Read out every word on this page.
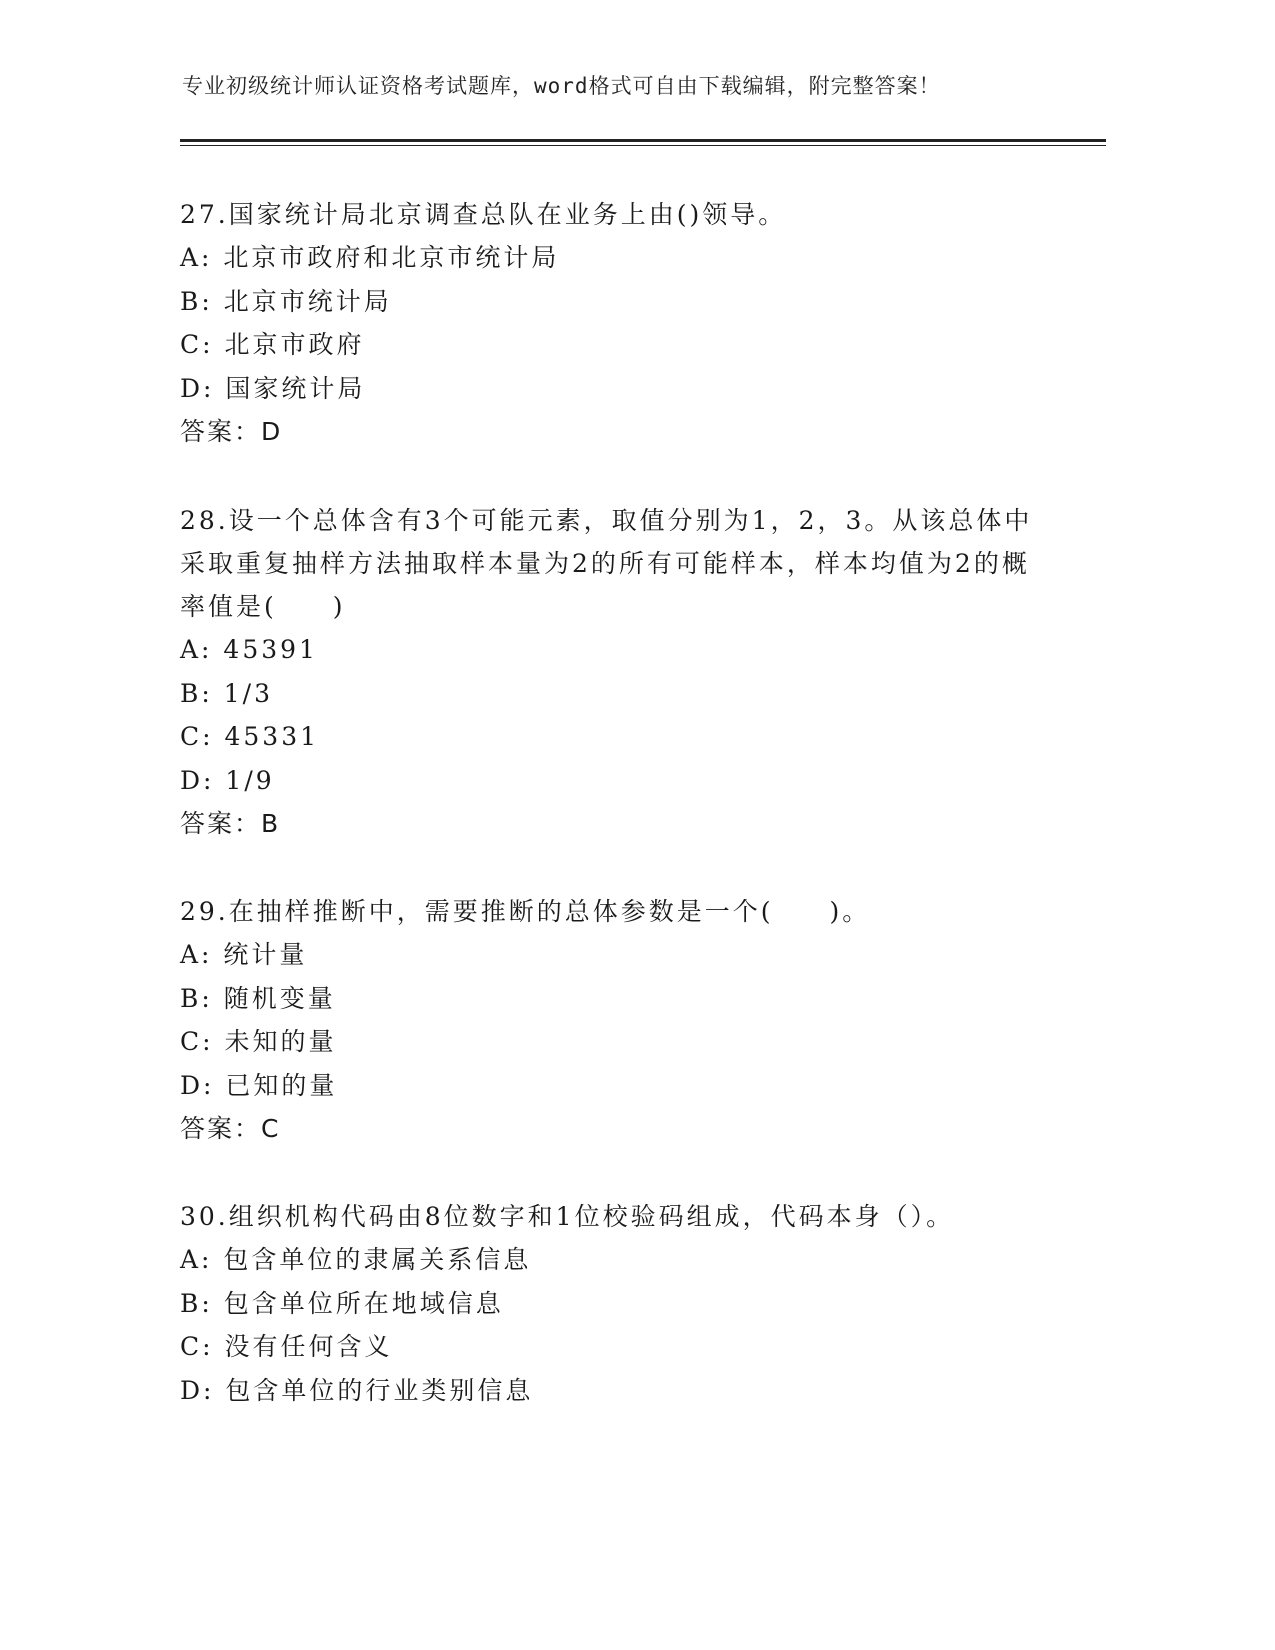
专业初级统计师认证资格考试题库，word格式可自由下载编辑，附完整答案！

27.国家统计局北京调查总队在业务上由()领导。

A: 北京市政府和北京市统计局

B: 北京市统计局

C: 北京市政府

D: 国家统计局

答案：D

28.设一个总体含有3个可能元素，取值分别为1，2，3。从该总体中采取重复抽样方法抽取样本量为2的所有可能样本，样本均值为2的概率值是(　　)

A: 45391

B: 1/3

C: 45331

D: 1/9

答案：B

29.在抽样推断中，需要推断的总体参数是一个(　　)。

A: 统计量

B: 随机变量

C: 未知的量

D: 已知的量

答案：C

30.组织机构代码由8位数字和1位校验码组成，代码本身（）。

A: 包含单位的隶属关系信息

B: 包含单位所在地域信息

C: 没有任何含义

D: 包含单位的行业类别信息
